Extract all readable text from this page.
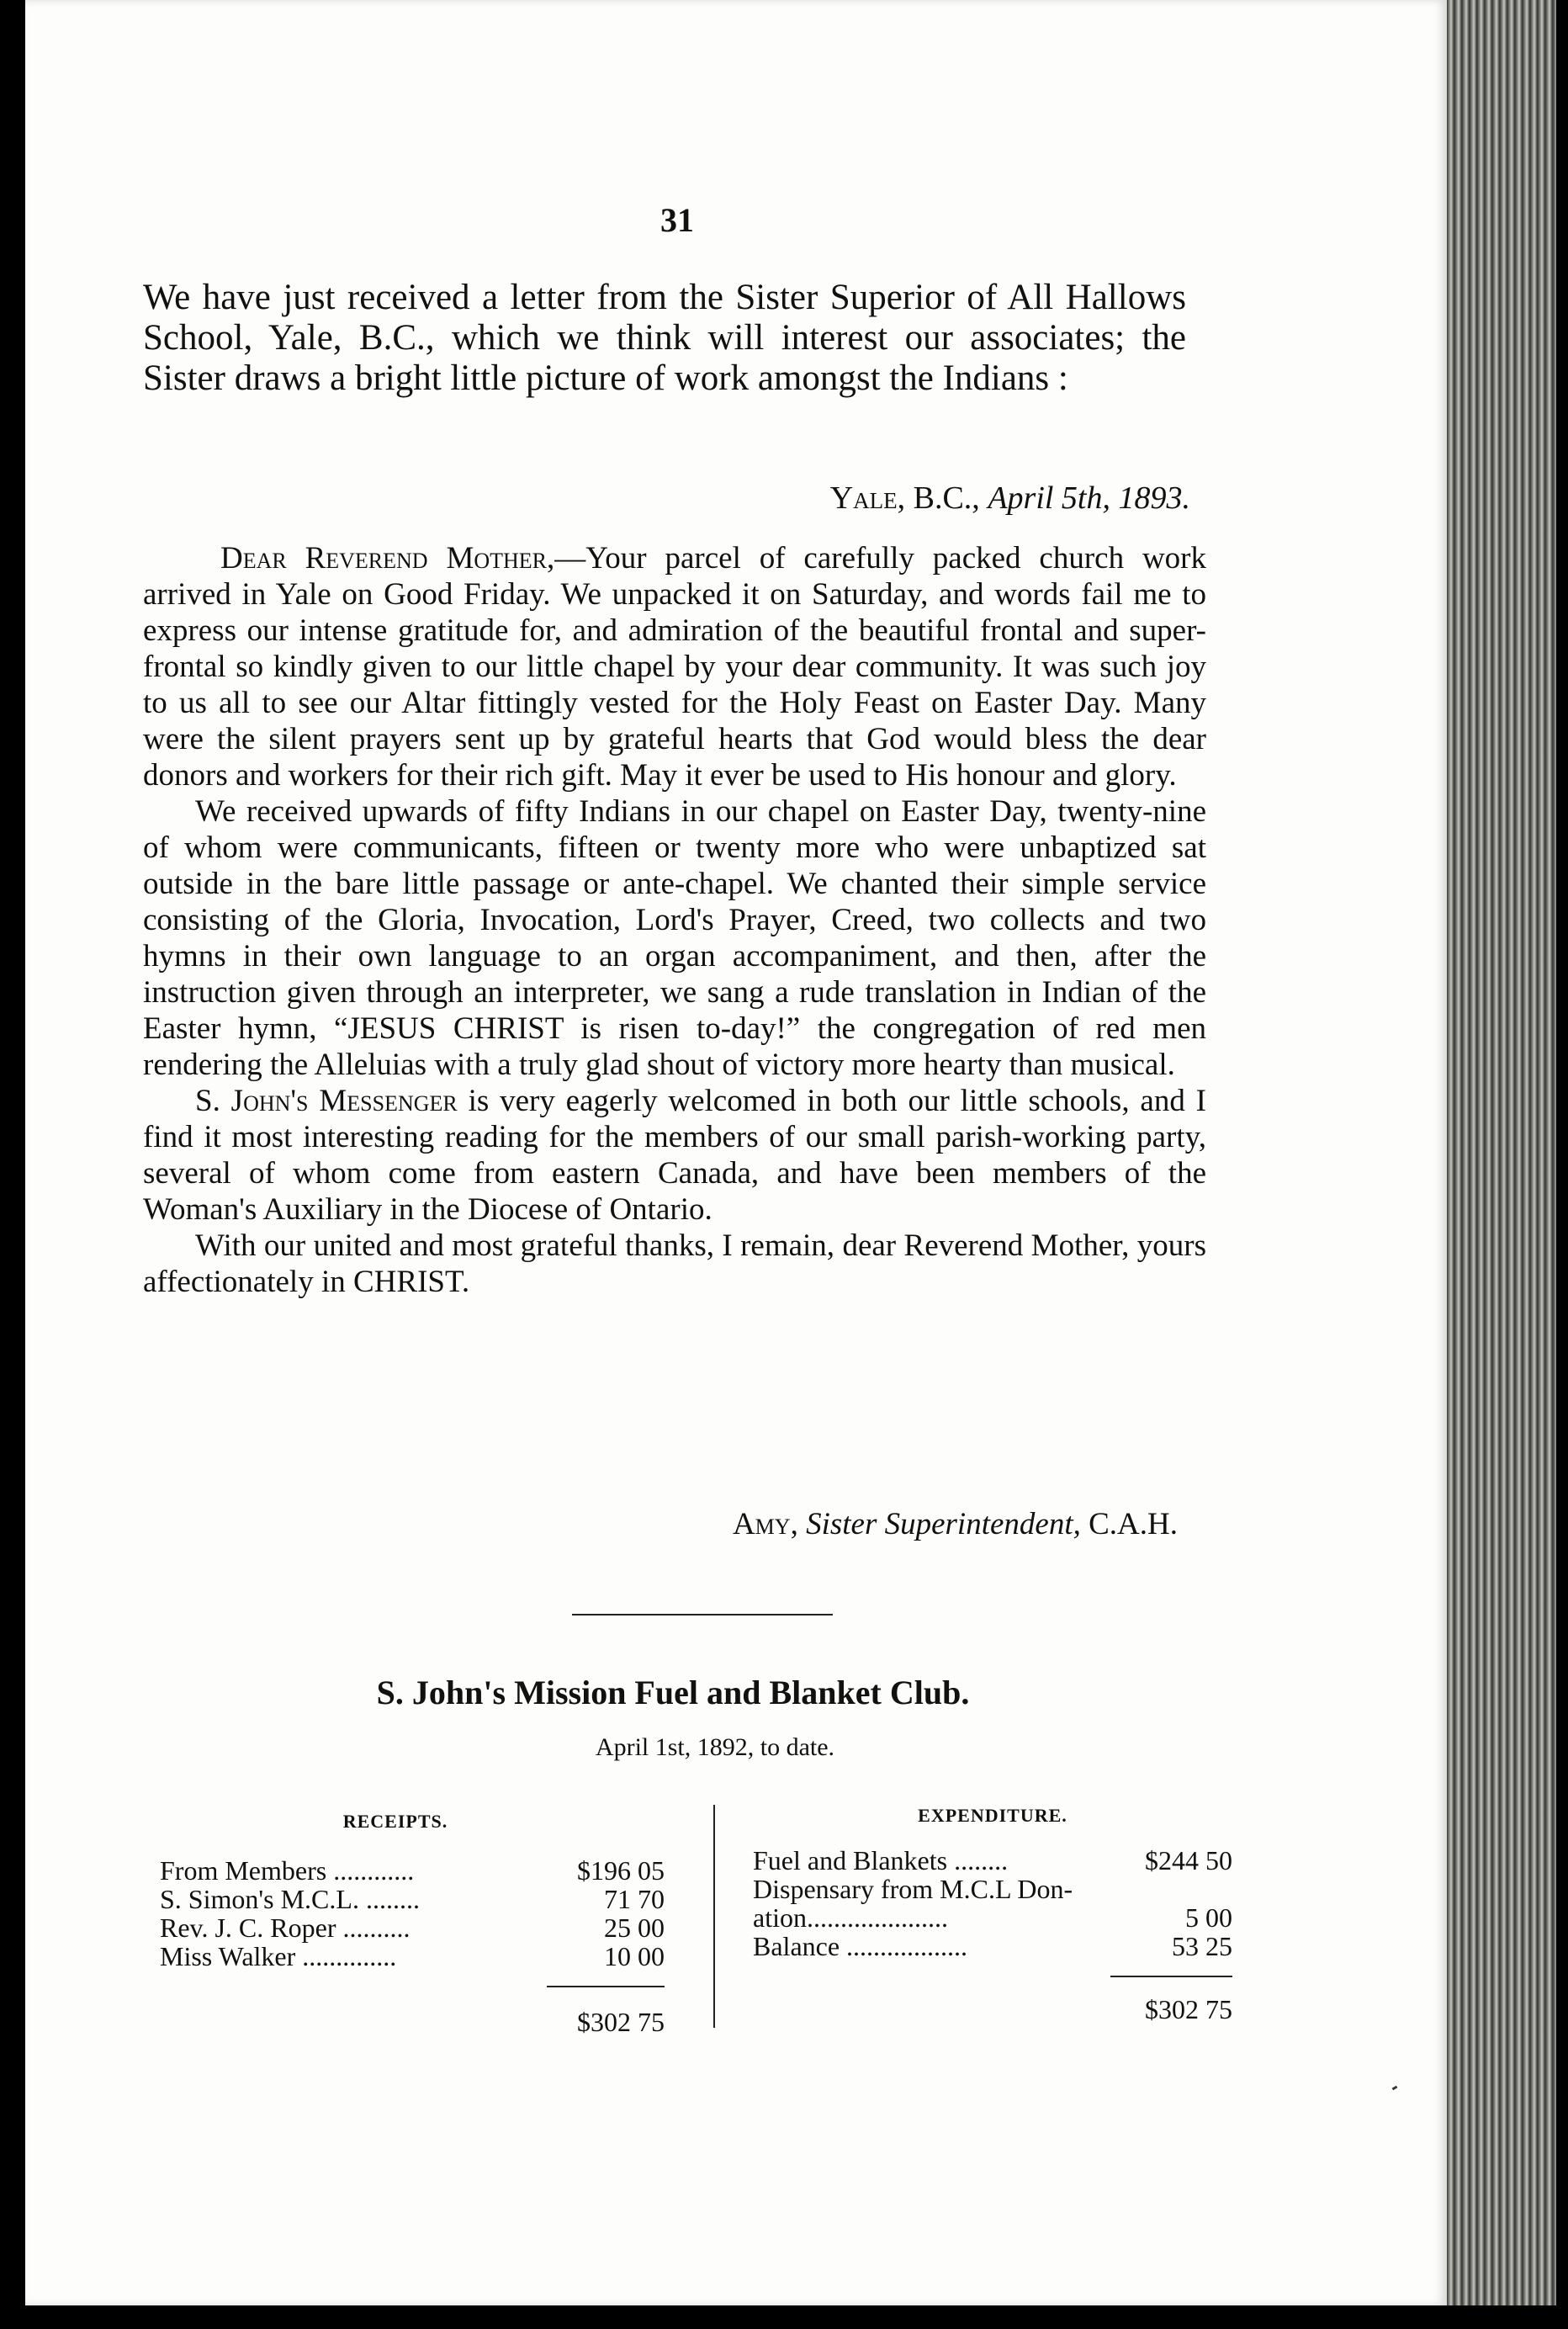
31

We have just received a letter from the Sister Superior of All Hallows School, Yale, B.C., which we think will interest our associates; the Sister draws a bright little picture of work amongst the Indians :

Yale, B.C., April 5th, 1893.

Dear Reverend Mother,—Your parcel of carefully packed church work arrived in Yale on Good Friday. We unpacked it on Saturday, and words fail me to express our intense gratitude for, and admiration of the beautiful frontal and super-frontal so kindly given to our little chapel by your dear community. It was such joy to us all to see our Altar fittingly vested for the Holy Feast on Easter Day. Many were the silent prayers sent up by grateful hearts that God would bless the dear donors and workers for their rich gift. May it ever be used to His honour and glory.

We received upwards of fifty Indians in our chapel on Easter Day, twenty-nine of whom were communicants, fifteen or twenty more who were unbaptized sat outside in the bare little passage or ante-chapel. We chanted their simple service consisting of the Gloria, Invocation, Lord's Prayer, Creed, two collects and two hymns in their own language to an organ accompaniment, and then, after the instruction given through an interpreter, we sang a rude translation in Indian of the Easter hymn, “JESUS CHRIST is risen to-day!” the congregation of red men rendering the Alleluias with a truly glad shout of victory more hearty than musical.

S. John's Messenger is very eagerly welcomed in both our little schools, and I find it most interesting reading for the members of our small parish-working party, several of whom come from eastern Canada, and have been members of the Woman's Auxiliary in the Diocese of Ontario.

With our united and most grateful thanks, I remain, dear Reverend Mother, yours affectionately in CHRIST.

Amy, Sister Superintendent, C.A.H.
S. John's Mission Fuel and Blanket Club.
April 1st, 1892, to date.
RECEIPTS.	EXPENDITURE.
From Members ............	$196 05
S. Simon's M.C.L. ........	71 70
Rev. J. C. Roper ..........	25 00
Miss Walker ..............	10 00
$302 75
Fuel and Blankets ........	$244 50
Dispensary from M.C.L Don-
ation.....................	5 00
Balance ..................	53 25
$302 75
